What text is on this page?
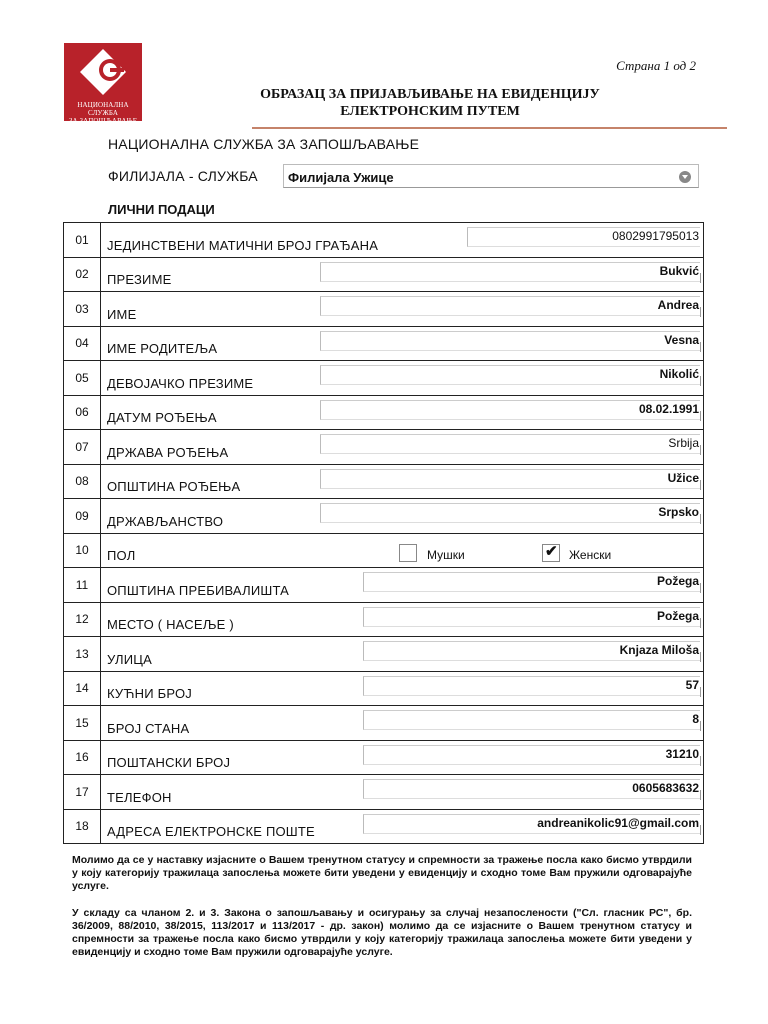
НАЦИОНАЛНА СЛУЖБА
ЗА ЗАПОШЉАВАЊЕ
Страна 1 од 2
ОБРАЗАЦ ЗА ПРИЈАВЉИВАЊЕ НА ЕВИДЕНЦИЈУ
ЕЛЕКТРОНСКИМ ПУТЕМ
НАЦИОНАЛНА СЛУЖБА ЗА ЗАПОШЉАВАЊЕ
ФИЛИЈАЛА - СЛУЖБА Филијала Ужице
ЛИЧНИ ПОДАЦИ
01	ЈЕДИНСТВЕНИ МАТИЧНИ БРОЈ ГРАЂАНА
0802991795013

02	ПРЕЗИМЕ
Bukvić

03	ИМЕ
Andrea

04	ИМЕ РОДИТЕЉА
Vesna

05	ДЕВОЈАЧКО ПРЕЗИМЕ
Nikolić

06	ДАТУМ РОЂЕЊА
08.02.1991

07	ДРЖАВА РОЂЕЊА
Srbija

08	ОПШТИНА РОЂЕЊА
Užice

09	ДРЖАВЉАНСТВО
Srpsko

10	ПОЛ Мушки ✔ Женски

11	ОПШТИНА ПРЕБИВАЛИШТА
Požega

12	МЕСТО ( НАСЕЉЕ )
Požega

13	УЛИЦА
Knjaza Miloša

14	КУЋНИ БРОЈ
57

15	БРОЈ СТАНА
8

16	ПОШТАНСКИ БРОЈ
31210

17	ТЕЛЕФОН
0605683632

18	АДРЕСА ЕЛЕКТРОНСКЕ ПОШТЕ
andreanikolic91@gmail.com
Молимо да се у наставку изјасните о Вашем тренутном статусу и спремности за тражење посла како бисмо утврдили у коју категорију тражилаца запослења можете бити уведени у евиденцију и сходно томе Вам пружили одговарајуће услуге.
У складу са чланом 2. и 3. Закона о запошљавању и осигурању за случај незапослености ("Сл. гласник РС", бр. 36/2009, 88/2010, 38/2015, 113/2017 и 113/2017 - др. закон) молимо да се изјасните о Вашем тренутном статусу и спремности за тражење посла како бисмо утврдили у коју категорију тражилаца запослења можете бити уведени у евиденцију и сходно томе Вам пружили одговарајуће услуге.
